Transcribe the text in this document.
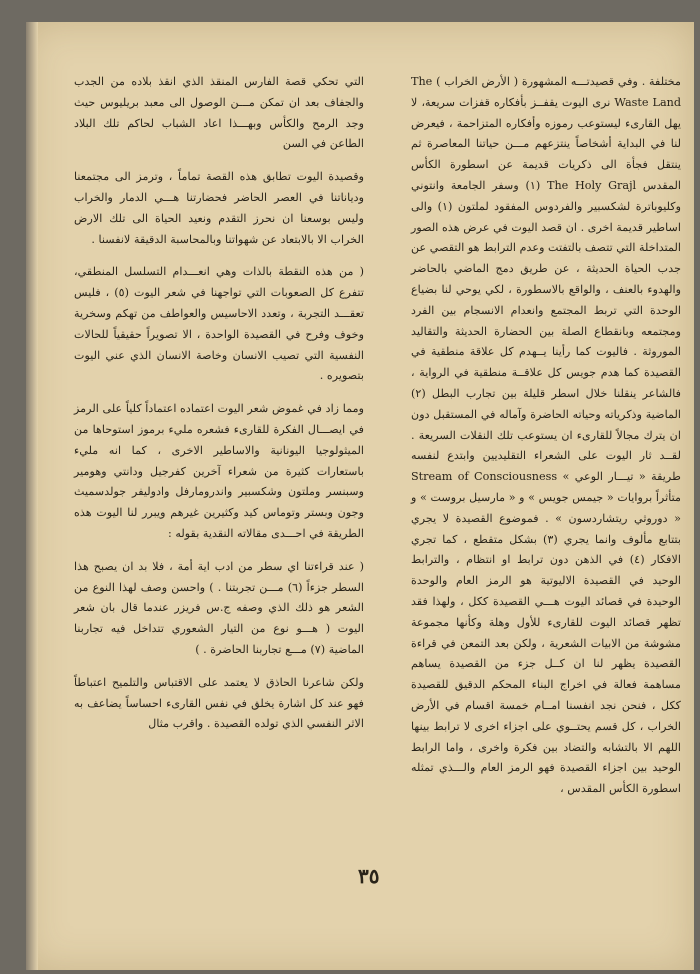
مختلفة . وفي قصيدتـــه المشهورة ( الأرض الخراب ) The Waste Land نرى اليوت يقفــز بأفكاره قفزات سريعة، لا يهل القارىء ليستوعب رموزه وأفكاره المتزاحمة ، فيعرض لنا في البداية أشخاصاً ينتزعهم مـــن حياتنا المعاصرة ثم ينتقل فجأة الى ذكريات قديمة عن اسطورة الكأس المقدس The Holy Grajl (١) وسفر الجامعة وانتوني وكليوباترة لشكسبير والفردوس المفقود لملتون (١) والى اساطير قديمة اخرى . ان قصد اليوت في عرض هذه الصور المتداخلة التي تتصف بالتفتت وعدم الترابط هو التقصي عن جدب الحياة الحديثة ، عن طريق دمج الماضي بالحاضر والهدوء بالعنف ، والواقع بالاسطورة ، لكي يوحي لنا بضياع الوحدة التي تربط المجتمع وانعدام الانسجام بين الفرد ومجتمعه وبانقطاع الصلة بين الحضارة الحديثة والتقاليد الموروثة . فاليوت كما رأينا يــهدم كل علاقة منطقية في القصيدة كما هدم جويس كل علاقــة منطقية في الرواية ، فالشاعر ينقلنا خلال اسطر قليلة بين تجارب البطل (٢) الماضية وذكرياته وحياته الحاضرة وآماله في المستقبل دون ان يترك مجالاً للقارىء ان يستوعب تلك النقلات السريعة . لقــد ثار اليوت على الشعراء التقليديين وابتدع لنفسه طريقة « تيـــار الوعي » Stream of Consciousness متأثراً بروايات « جيمس جويس » و « مارسيل بروست » و « دوروثي ريتشاردسون » . فموضوع القصيدة لا يجري بتتابع مألوف وانما يجري (٣) بشكل متقطع ، كما تجري الافكار (٤) في الذهن دون ترابط او انتظام ، والترابط الوحيد في القصيدة الاليوتية هو الرمز العام والوحدة الوحيدة في قصائد اليوت هـــي القصيدة ككل ، ولهذا فقد تظهر قصائد اليوت للقارىء للأول وهلة وكأنها مجموعة مشوشة من الابيات الشعرية ، ولكن بعد التمعن في قراءة القصيدة يظهر لنا ان كــل جزء من القصيدة يساهم مساهمة فعالة في اخراج البناء المحكم الدقيق للقصيدة ككل ، فنحن نجد انفسنا امــام خمسة اقسام في الأرض الخراب ، كل قسم يحتــوي على اجزاء اخرى لا ترابط بينها اللهم الا بالتشابه والتضاد بين فكرة واخرى ، واما الرابط الوحيد بين اجزاء القصيدة فهو الرمز العام والـــذي تمثله اسطورة الكأس المقدس ،

التي تحكي قصة الفارس المنقذ الذي انقذ بلاده من الجدب والجفاف بعد ان تمكن مـــن الوصول الى معبد بريليوس حيث وجد الرمح والكأس وبهـــذا اعاد الشباب لحاكم تلك البلاد الطاعن في السن

وقصيدة اليوت تطابق هذه القصة تماماً ، وترمز الى مجتمعنا ودياناتنا في العصر الحاضر فحضارتنا هـــي الدمار والخراب وليس بوسعنا ان نحرز التقدم ونعيد الحياة الى تلك الارض الخراب الا بالابتعاد عن شهواتنا وبالمحاسبة الدقيقة لانفسنا .

( من هذه النقطة بالذات وهي انعـــدام التسلسل المنطقي، تتفرع كل الصعوبات التي تواجهنا في شعر اليوت (٥) ، فليس تعقـــد التجربة ، وتعدد الاحاسيس والعواطف من تهكم وسخرية وخوف وفرح في القصيدة الواحدة ، الا تصويراً حقيقياً للحالات النفسية التي تصيب الانسان وخاصة الانسان الذي عني اليوت بتصويره .

ومما زاد في غموض شعر اليوت اعتماده اعتماداً كلياً على الرمز في ايصـــال الفكرة للقارىء فشعره مليء برموز استوحاها من الميثولوجيا اليونانية والاساطير الاخرى ، كما انه مليء باستعارات كثيرة من شعراء آخرين كفرجيل ودانتي وهومير وسبنسر وملتون وشكسبير واندرومارفل وادوليفر جولدسميث وجون وبستر وتوماس كيد وكثيرين غيرهم ويبرر لنا اليوت هذه الطريقة في احـــدى مقالاته النقدية بقوله :

( عند قراءتنا اي سطر من ادب اية أمة ، فلا بد ان يصبح هذا السطر جزءاً (٦) مـــن تجربتنا . ) واحسن وصف لهذا النوع من الشعر هو ذلك الذي وصفه ج.س فريزر عندما قال بان شعر اليوت ( هـــو نوع من التيار الشعوري تتداخل فيه تجاربنا الماضية (٧) مـــع تجاربنا الحاضرة . )

ولكن شاعرنا الحاذق لا يعتمد على الاقتباس والتلميح اعتباطاً فهو عند كل اشارة يخلق في نفس القارىء احساساً يضاعف به الاثر النفسي الذي تولده القصيدة . واقرب مثال

٣٥
